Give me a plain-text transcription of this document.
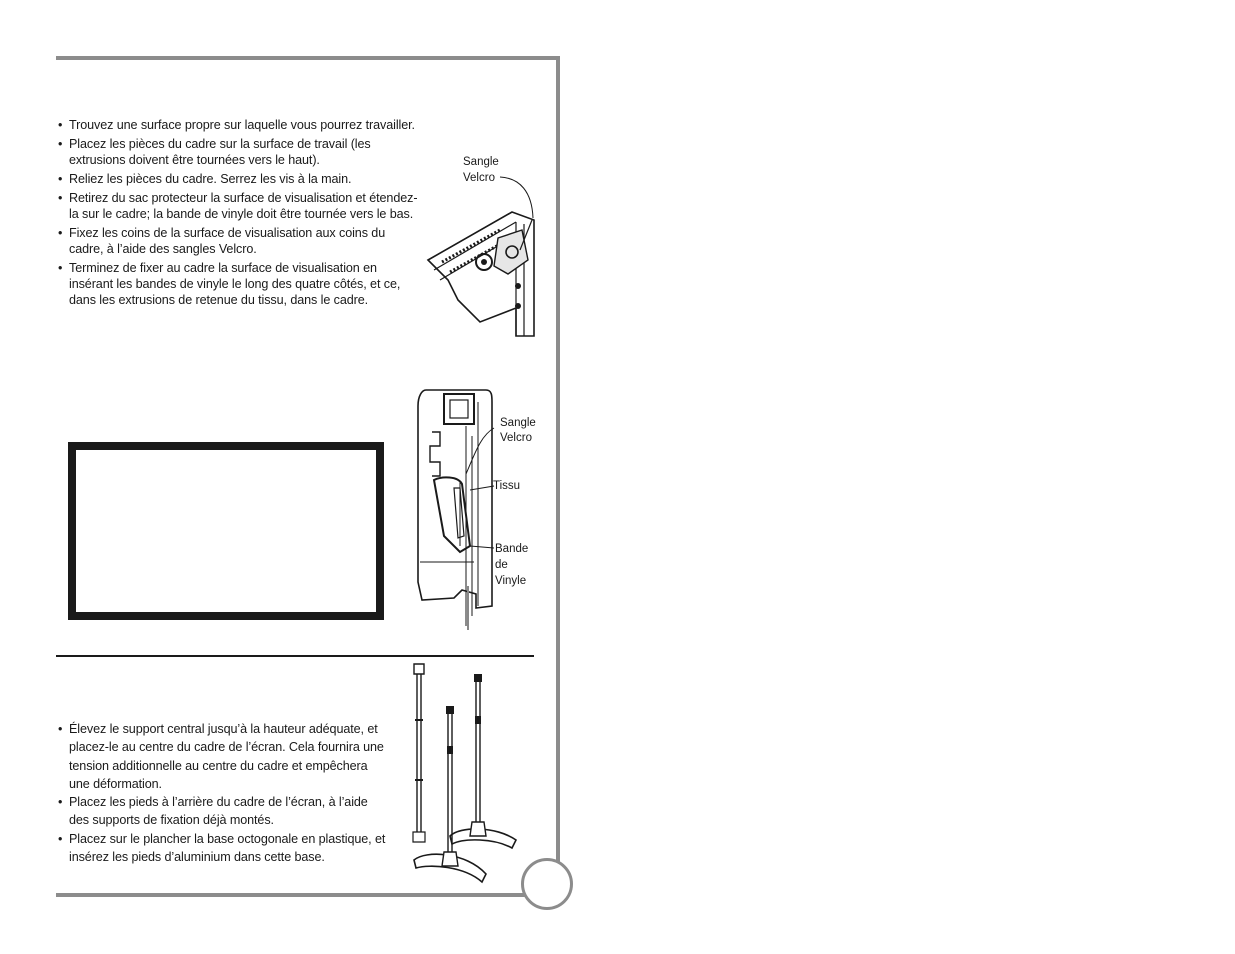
• Trouvez une surface propre sur laquelle vous pourrez travailler.
• Placez les pièces du cadre sur la surface de travail (les extrusions doivent être tournées vers le haut).
• Reliez les pièces du cadre. Serrez les vis à la main.
• Retirez du sac protecteur la surface de visualisation et étendez-la sur le cadre; la bande de vinyle doit être tournée vers le bas.
• Fixez les coins de la surface de visualisation aux coins du cadre, à l’aide des sangles Velcro.
• Terminez de fixer au cadre la surface de visualisation en insérant les bandes de vinyle le long des quatre côtés, et ce, dans les extrusions de retenue du tissu, dans le cadre.
Sangle
Velcro
Sangle
Velcro
Tissu
Bande
de
Vinyle
• Élevez le support central jusqu’à la hauteur adéquate, et placez-le au centre du cadre de l’écran. Cela fournira une tension additionnelle au centre du cadre et empêchera une déformation.
• Placez les pieds à l’arrière du cadre de l’écran, à l’aide des supports de fixation déjà montés.
• Placez sur le plancher la base octogonale en plastique, et insérez les pieds d’aluminium dans cette base.
